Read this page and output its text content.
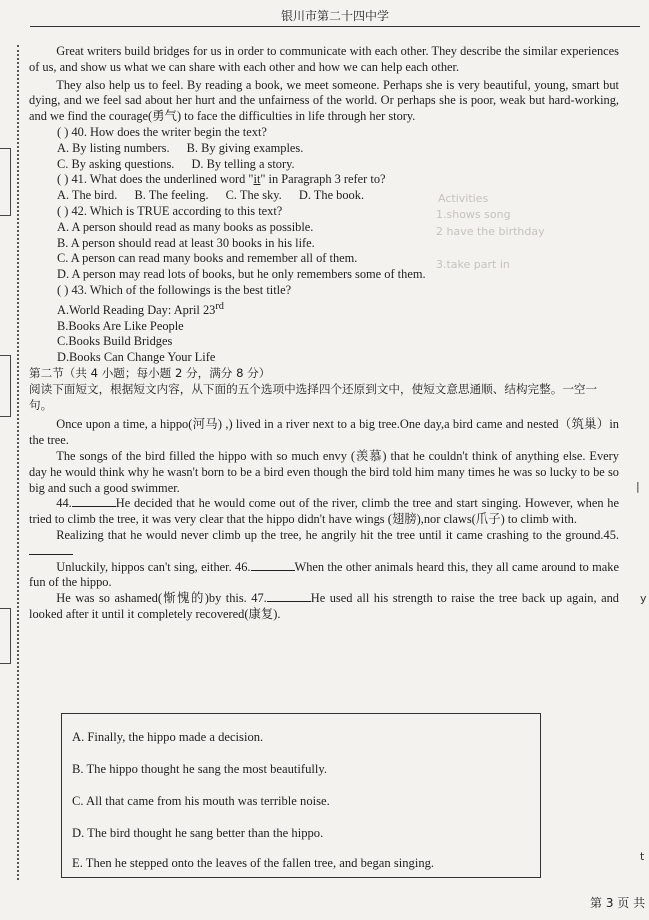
银川市第二十四中学
Activities
1.shows song
2 have the birthday
3.take part in

Great writers build bridges for us in order to communicate with each other. They describe the similar experiences of us, and show us what we can share with each other and how we can help each other.

They also help us to feel. By reading a book, we meet someone. Perhaps she is very beautiful, young, smart but dying, and we feel sad about her hurt and the unfairness of the world. Or perhaps she is poor, weak but hard-working, and we find the courage(勇气) to face the difficulties in life through her story.

( ) 40. How does the writer begin the text?

A. By listing numbers. B. By giving examples.

C. By asking questions. D. By telling a story.

( ) 41. What does the underlined word "it" in Paragraph 3 refer to?

A. The bird. B. The feeling. C. The sky. D. The book.

( ) 42. Which is TRUE according to this text?

A. A person should read as many books as possible.

B. A person should read at least 30 books in his life.

C. A person can read many books and remember all of them.

D. A person may read lots of books, but he only remembers some of them.

( ) 43. Which of the followings is the best title?

A.World Reading Day: April 23rd

B.Books Are Like People

C.Books Build Bridges

D.Books Can Change Your Life

第二节（共 4 小题；每小题 2 分，满分 8 分）

阅读下面短文，根据短文内容，从下面的五个选项中选择四个还原到文中，使短文意思通顺、结构完整。一空一句。

Once upon a time, a hippo(河马) ,) lived in a river next to a big tree.One day,a bird came and nested（筑巢）in the tree.

The songs of the bird filled the hippo with so much envy (羡慕) that he couldn't think of anything else. Every day he would think why he wasn't born to be a bird even though the bird told him many times he was so lucky to be so big and such a good swimmer.

44.	He decided that he would come out of the river, climb the tree and start singing. However, when he tried to climb the tree, it was very clear that the hippo didn't have wings (翅膀),nor claws(爪子) to climb with.

Realizing that he would never climb up the tree, he angrily hit the tree until it came crashing to the ground.45.

Unluckily, hippos can't sing, either. 46.	When the other animals heard this, they all came around to make fun of the hippo.

He was so ashamed(惭愧的)by this. 47.	He used all his strength to raise the tree back up again, and looked after it until it completely recovered(康复).

A. Finally, the hippo made a decision.
B. The hippo thought he sang the most beautifully.
C. All that came from his mouth was terrible noise.
D. The bird thought he sang better than the hippo.
E. Then he stepped onto the leaves of the fallen tree, and began singing.
|
y
t
第 3 页 共
